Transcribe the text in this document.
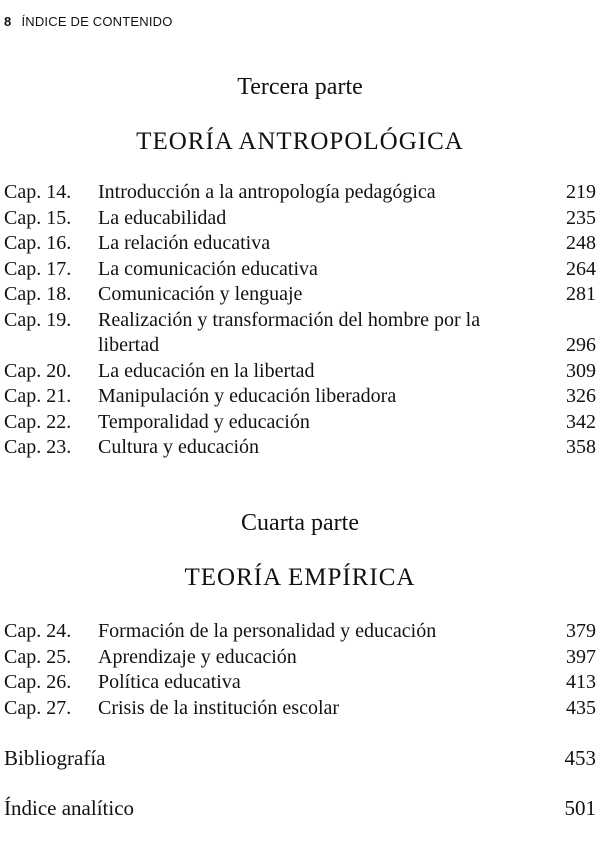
8 ÍNDICE DE CONTENIDO
Tercera parte
TEORÍA ANTROPOLÓGICA
Cap. 14. Introducción a la antropología pedagógica	219
Cap. 15. La educabilidad	235
Cap. 16. La relación educativa	248
Cap. 17. La comunicación educativa	264
Cap. 18. Comunicación y lenguaje	281
Cap. 19. Realización y transformación del hombre por la
libertad	296
Cap. 20. La educación en la libertad	309
Cap. 21. Manipulación y educación liberadora	326
Cap. 22. Temporalidad y educación	342
Cap. 23. Cultura y educación	358
Cuarta parte
TEORÍA EMPÍRICA
Cap. 24. Formación de la personalidad y educación	379
Cap. 25. Aprendizaje y educación	397
Cap. 26. Política educativa	413
Cap. 27. Crisis de la institución escolar	435
Bibliografía	453
Índice analítico	501
